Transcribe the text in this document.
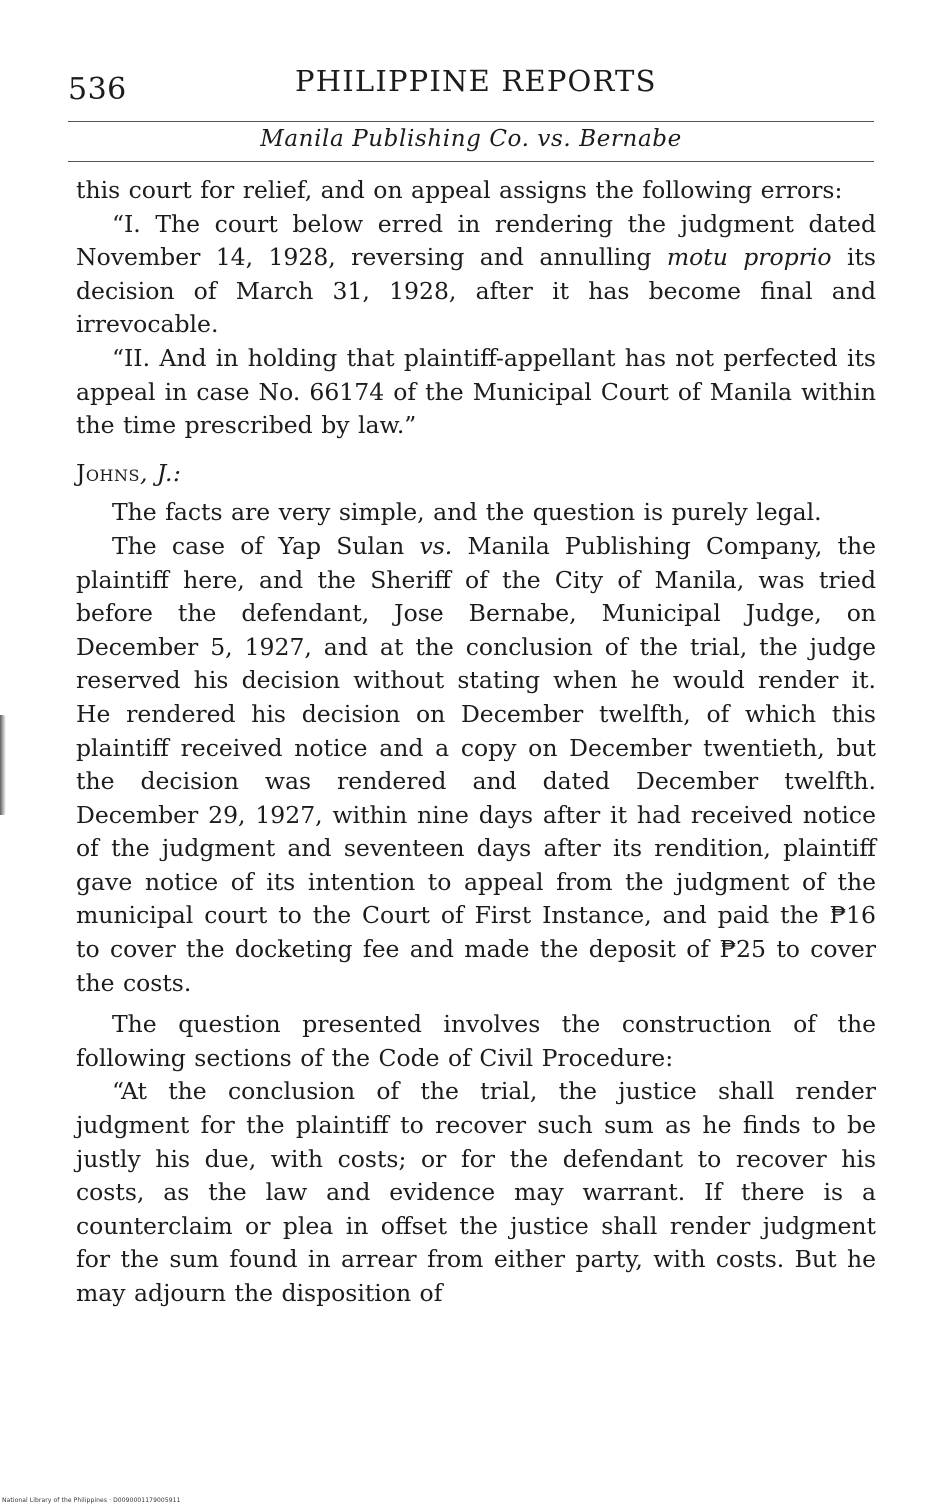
536	PHILIPPINE REPORTS
Manila Publishing Co. vs. Bernabe

this court for relief, and on appeal assigns the following errors:

“I. The court below erred in rendering the judgment dated November 14, 1928, reversing and annulling motu proprio its decision of March 31, 1928, after it has become final and irrevocable.

“II. And in holding that plaintiff-appellant has not perfected its appeal in case No. 66174 of the Municipal Court of Manila within the time prescribed by law.”

Johns, J.:

The facts are very simple, and the question is purely legal.

The case of Yap Sulan vs. Manila Publishing Company, the plaintiff here, and the Sheriff of the City of Manila, was tried before the defendant, Jose Bernabe, Municipal Judge, on December 5, 1927, and at the conclusion of the trial, the judge reserved his decision without stating when he would render it. He rendered his decision on December twelfth, of which this plaintiff received notice and a copy on December twentieth, but the decision was rendered and dated December twelfth. December 29, 1927, within nine days after it had received notice of the judgment and seventeen days after its rendition, plaintiff gave notice of its intention to appeal from the judgment of the municipal court to the Court of First Instance, and paid the ₱16 to cover the docketing fee and made the deposit of ₱25 to cover the costs.

The question presented involves the construction of the following sections of the Code of Civil Procedure:

“At the conclusion of the trial, the justice shall render judgment for the plaintiff to recover such sum as he finds to be justly his due, with costs; or for the defendant to recover his costs, as the law and evidence may warrant. If there is a counterclaim or plea in offset the justice shall render judgment for the sum found in arrear from either party, with costs. But he may adjourn the disposition of

National Library of the Philippines · D0090001179005911
